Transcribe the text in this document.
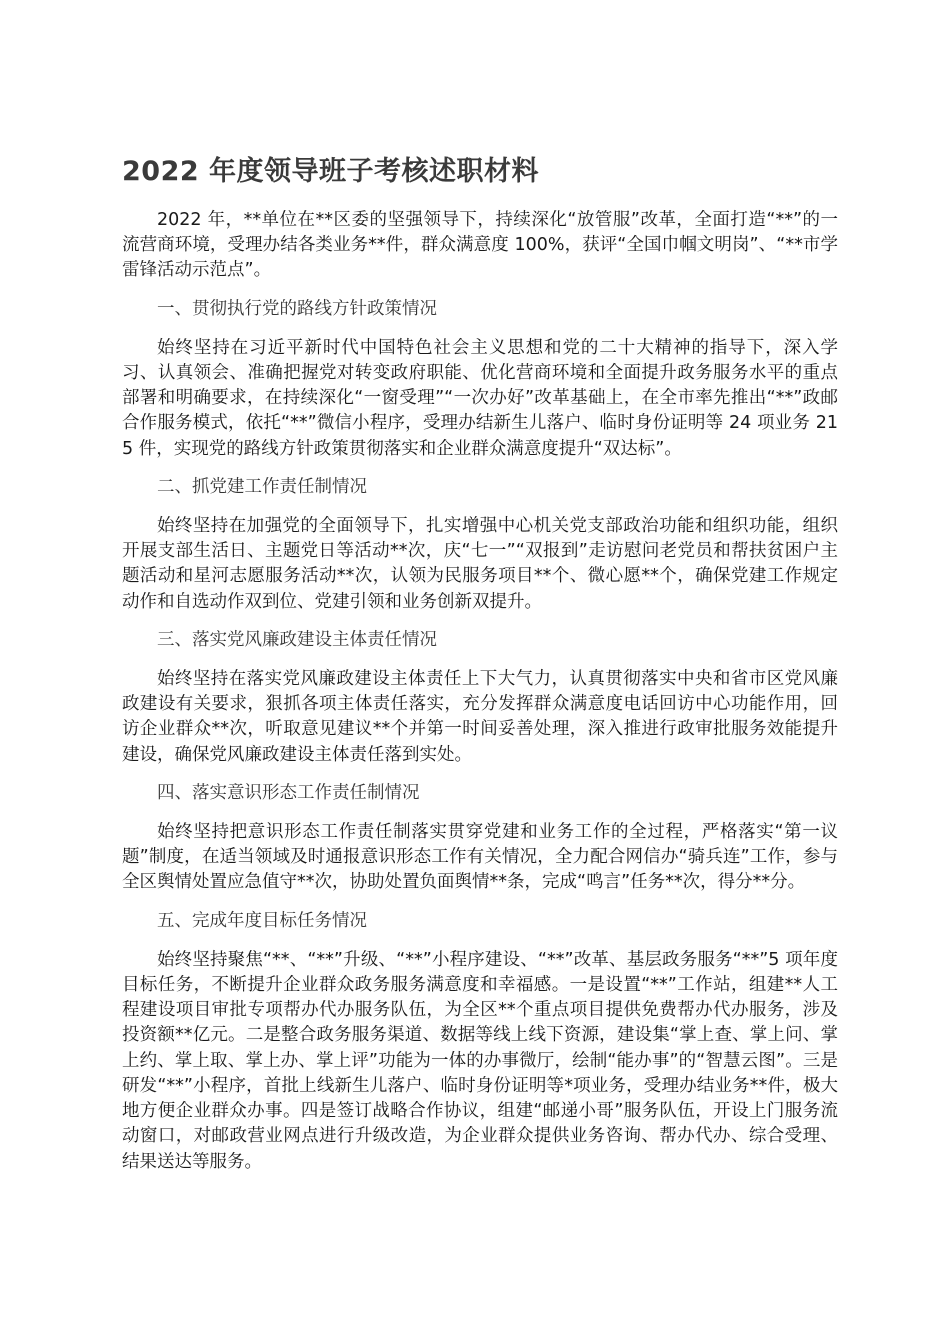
2022 年度领导班子考核述职材料

2022 年，**单位在**区委的坚强领导下，持续深化“放管服”改革，全面打造“**”的一流营商环境，受理办结各类业务**件，群众满意度 100%，获评“全国巾帼文明岗”、“**市学雷锋活动示范点”。

一、贯彻执行党的路线方针政策情况

始终坚持在习近平新时代中国特色社会主义思想和党的二十大精神的指导下，深入学习、认真领会、准确把握党对转变政府职能、优化营商环境和全面提升政务服务水平的重点部署和明确要求，在持续深化“一窗受理”“一次办好”改革基础上，在全市率先推出“**”政邮合作服务模式，依托“**”微信小程序，受理办结新生儿落户、临时身份证明等 24 项业务 215 件，实现党的路线方针政策贯彻落实和企业群众满意度提升“双达标”。

二、抓党建工作责任制情况

始终坚持在加强党的全面领导下，扎实增强中心机关党支部政治功能和组织功能，组织开展支部生活日、主题党日等活动**次，庆“七一”“双报到”走访慰问老党员和帮扶贫困户主题活动和星河志愿服务活动**次，认领为民服务项目**个、微心愿**个，确保党建工作规定动作和自选动作双到位、党建引领和业务创新双提升。

三、落实党风廉政建设主体责任情况

始终坚持在落实党风廉政建设主体责任上下大气力，认真贯彻落实中央和省市区党风廉政建设有关要求，狠抓各项主体责任落实，充分发挥群众满意度电话回访中心功能作用，回访企业群众**次，听取意见建议**个并第一时间妥善处理，深入推进行政审批服务效能提升建设，确保党风廉政建设主体责任落到实处。

四、落实意识形态工作责任制情况

始终坚持把意识形态工作责任制落实贯穿党建和业务工作的全过程，严格落实“第一议题”制度，在适当领域及时通报意识形态工作有关情况，全力配合网信办“骑兵连”工作，参与全区舆情处置应急值守**次，协助处置负面舆情**条，完成“鸣言”任务**次，得分**分。

五、完成年度目标任务情况

始终坚持聚焦“**、“**”升级、“**”小程序建设、“**”改革、基层政务服务“**”5 项年度目标任务，不断提升企业群众政务服务满意度和幸福感。一是设置“**”工作站，组建**人工程建设项目审批专项帮办代办服务队伍，为全区**个重点项目提供免费帮办代办服务，涉及投资额**亿元。二是整合政务服务渠道、数据等线上线下资源，建设集“掌上查、掌上问、掌上约、掌上取、掌上办、掌上评”功能为一体的办事微厅，绘制“能办事”的“智慧云图”。三是研发“**”小程序，首批上线新生儿落户、临时身份证明等*项业务，受理办结业务**件，极大地方便企业群众办事。四是签订战略合作协议，组建“邮递小哥”服务队伍，开设上门服务流动窗口，对邮政营业网点进行升级改造，为企业群众提供业务咨询、帮办代办、综合受理、结果送达等服务。
